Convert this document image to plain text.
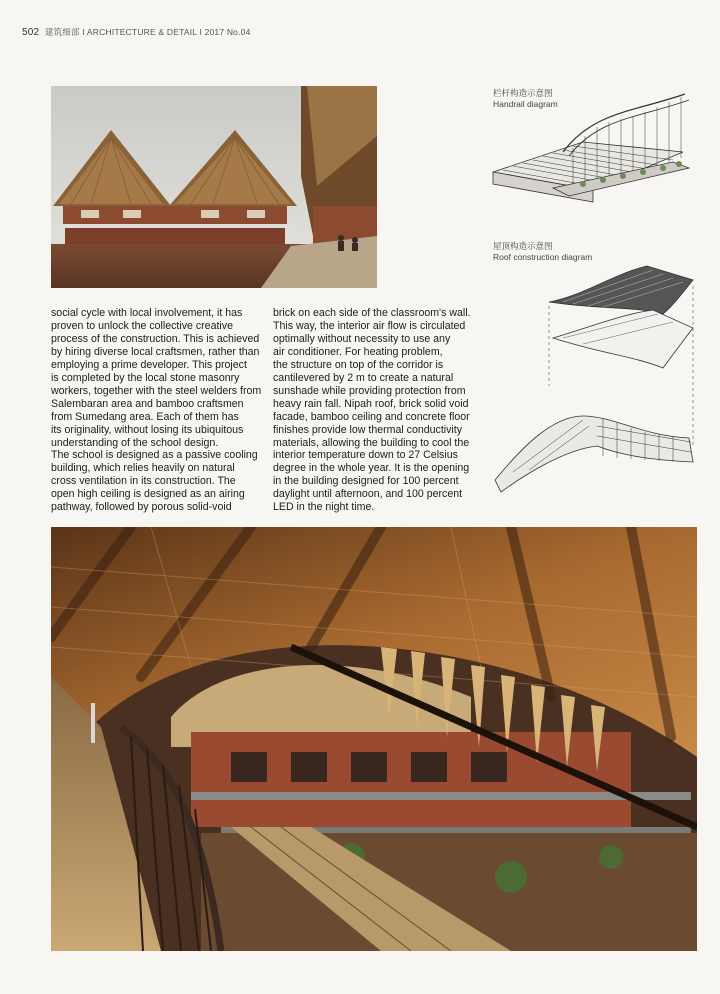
502 建筑细部 I ARCHITECTURE & DETAIL I 2017 No.04
栏杆构造示意图
Handrail diagram
屋顶构造示意图
Roof construction diagram
social cycle with local involvement, it has
proven to unlock the collective creative
process of the construction. This is achieved
by hiring diverse local craftsmen, rather than
employing a prime developer. This project
is completed by the local stone masonry
workers, together with the steel welders from
Salembaran area and bamboo craftsmen
from Sumedang area. Each of them has
its originality, without losing its ubiquitous
understanding of the school design.
The school is designed as a passive cooling
building, which relies heavily on natural
cross ventilation in its construction. The
open high ceiling is designed as an airing
pathway, followed by porous solid-void
brick on each side of the classroom's wall.
This way, the interior air flow is circulated
optimally without necessity to use any
air conditioner. For heating problem,
the structure on top of the corridor is
cantilevered by 2 m to create a natural
sunshade while providing protection from
heavy rain fall. Nipah roof, brick solid void
facade, bamboo ceiling and concrete floor
finishes provide low thermal conductivity
materials, allowing the building to cool the
interior temperature down to 27 Celsius
degree in the whole year. It is the opening
in the building designed for 100 percent
daylight until afternoon, and 100 percent
LED in the night time.
